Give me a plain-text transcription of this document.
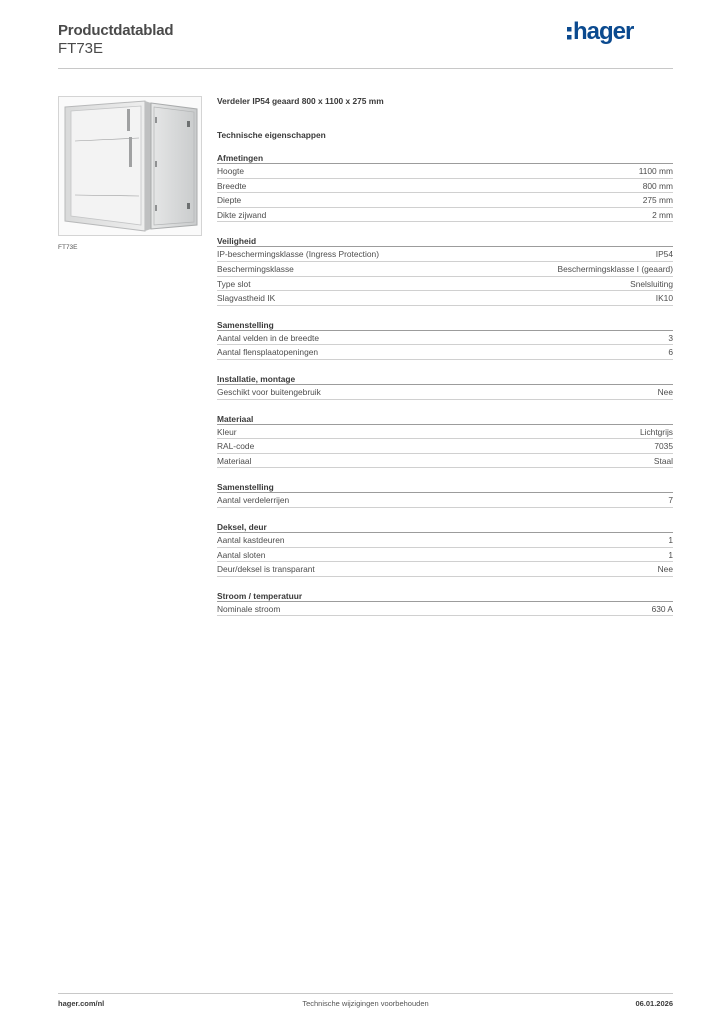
Productdatablad
FT73E
hager
FT73E
Verdeler IP54 geaard 800 x 1100 x 275 mm
Technische eigenschappen
Afmetingen
Hoogte	1100 mm
Breedte	800 mm
Diepte	275 mm
Dikte zijwand	2 mm
Veiligheid
IP-beschermingsklasse (Ingress Protection)	IP54
Beschermingsklasse	Beschermingsklasse I (geaard)
Type slot	Snelsluiting
Slagvastheid IK	IK10
Samenstelling
Aantal velden in de breedte	3
Aantal flensplaatopeningen	6
Installatie, montage
Geschikt voor buitengebruik	Nee
Materiaal
Kleur	Lichtgrijs
RAL-code	7035
Materiaal	Staal
Samenstelling
Aantal verdelerrijen	7
Deksel, deur
Aantal kastdeuren	1
Aantal sloten	1
Deur/deksel is transparant	Nee
Stroom / temperatuur
Nominale stroom	630 A
hager.com/nl	Technische wijzigingen voorbehouden	06.01.2026
